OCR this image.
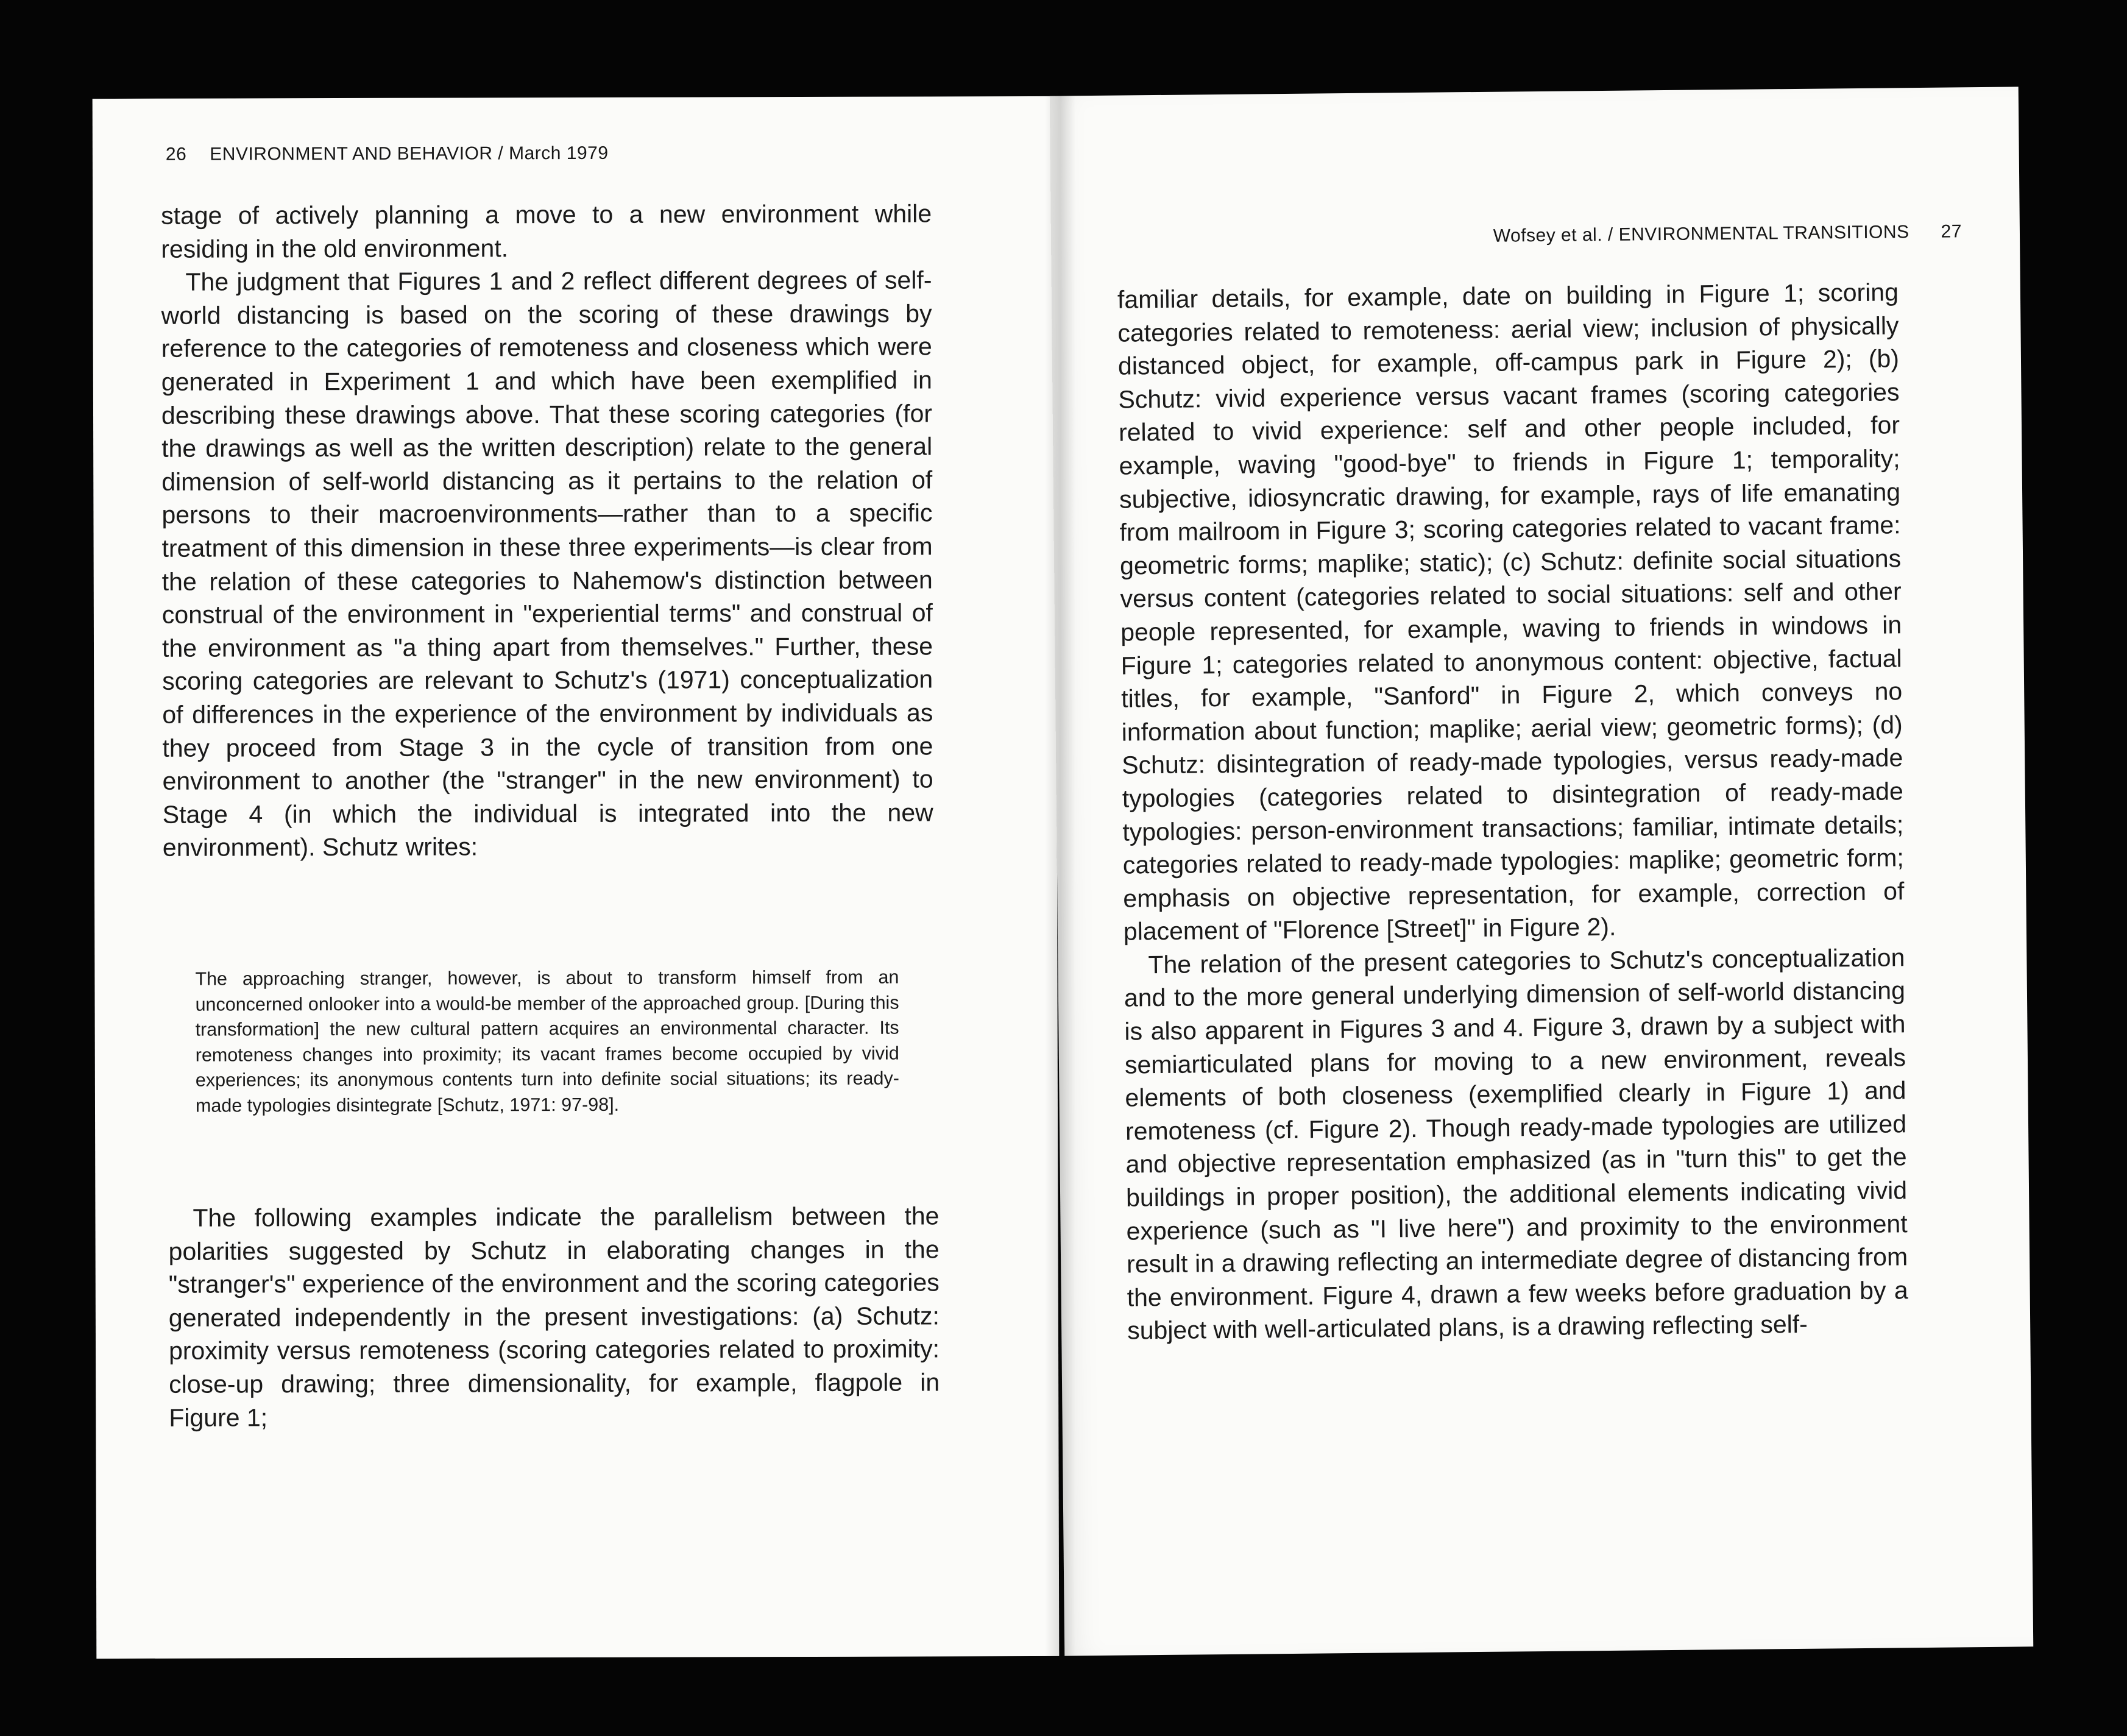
26 ENVIRONMENT AND BEHAVIOR / March 1979

stage of actively planning a move to a new environment while residing in the old environment.

The judgment that Figures 1 and 2 reflect different degrees of self-world distancing is based on the scoring of these drawings by reference to the categories of remoteness and closeness which were generated in Experiment 1 and which have been exemplified in describing these drawings above. That these scoring categories (for the drawings as well as the written description) relate to the general dimension of self-world distancing as it pertains to the relation of persons to their macroenvironments—rather than to a specific treatment of this dimension in these three experiments—is clear from the relation of these categories to Nahemow's distinction between construal of the environment in "experiential terms" and construal of the environment as "a thing apart from themselves." Further, these scoring categories are relevant to Schutz's (1971) conceptualization of differences in the experience of the environment by individuals as they proceed from Stage 3 in the cycle of transition from one environment to another (the "stranger" in the new environment) to Stage 4 (in which the individual is integrated into the new environment). Schutz writes:

The approaching stranger, however, is about to transform himself from an unconcerned onlooker into a would-be member of the approached group. [During this transformation] the new cultural pattern acquires an environmental character. Its remoteness changes into proximity; its vacant frames become occupied by vivid experiences; its anonymous contents turn into definite social situations; its ready-made typologies disintegrate [Schutz, 1971: 97-98].

The following examples indicate the parallelism between the polarities suggested by Schutz in elaborating changes in the "stranger's" experience of the environment and the scoring categories generated independently in the present investigations: (a) Schutz: proximity versus remoteness (scoring categories related to proximity: close-up drawing; three dimensionality, for example, flagpole in Figure 1;

Wofsey et al. / ENVIRONMENTAL TRANSITIONS 27

familiar details, for example, date on building in Figure 1; scoring categories related to remoteness: aerial view; inclusion of physically distanced object, for example, off-campus park in Figure 2); (b) Schutz: vivid experience versus vacant frames (scoring categories related to vivid experience: self and other people included, for example, waving "good-bye" to friends in Figure 1; temporality; subjective, idiosyncratic drawing, for example, rays of life emanating from mailroom in Figure 3; scoring categories related to vacant frame: geometric forms; maplike; static); (c) Schutz: definite social situations versus content (categories related to social situations: self and other people represented, for example, waving to friends in windows in Figure 1; categories related to anonymous content: objective, factual titles, for example, "Sanford" in Figure 2, which conveys no information about function; maplike; aerial view; geometric forms); (d) Schutz: disintegration of ready-made typologies, versus ready-made typologies (categories related to disintegration of ready-made typologies: person-environment transactions; familiar, intimate details; categories related to ready-made typologies: maplike; geometric form; emphasis on objective representation, for example, correction of placement of "Florence [Street]" in Figure 2).

The relation of the present categories to Schutz's conceptualization and to the more general underlying dimension of self-world distancing is also apparent in Figures 3 and 4. Figure 3, drawn by a subject with semiarticulated plans for moving to a new environment, reveals elements of both closeness (exemplified clearly in Figure 1) and remoteness (cf. Figure 2). Though ready-made typologies are utilized and objective representation emphasized (as in "turn this" to get the buildings in proper position), the additional elements indicating vivid experience (such as "I live here") and proximity to the environment result in a drawing reflecting an intermediate degree of distancing from the environment. Figure 4, drawn a few weeks before graduation by a subject with well-articulated plans, is a drawing reflecting self-
